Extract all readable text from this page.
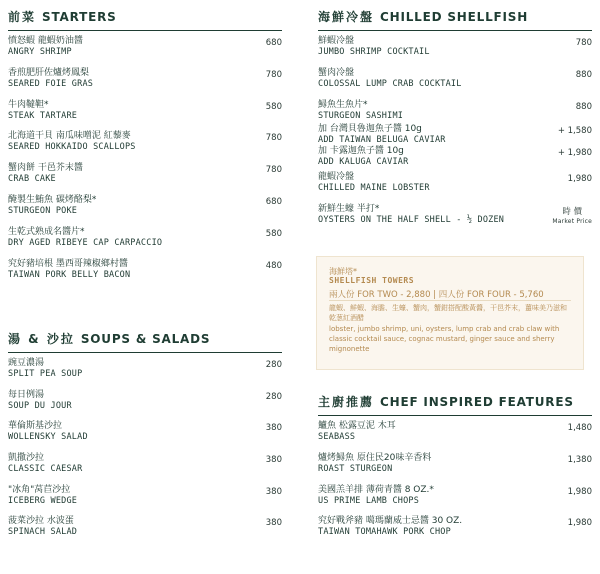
前菜 STARTERS
憤怒蝦 龍蝦奶油醬
ANGRY SHRIMP
680
香煎肥肝佐爐烤鳳梨
SEARED FOIE GRAS
780
牛肉韃靼*
STEAK TARTARE
580
北海道干貝 南瓜味噌泥 紅藜麥
SEARED HOKKAIDO SCALLOPS
780
蟹肉餅 干邑芥末醬
CRAB CAKE
780
醃製生鮪魚 碳烤酪梨*
STURGEON POKE
680
生乾式熟成名醬片*
DRY AGED RIBEYE CAP CARPACCIO
580
究好豬培根 墨西哥辣椒鄉村醬
TAIWAN PORK BELLY BACON
480
湯 & 沙拉 SOUPS & SALADS
豌豆濃湯
SPLIT PEA SOUP
280
每日例湯
SOUP DU JOUR
280
華倫斯基沙拉
WOLLENSKY SALAD
380
凱撒沙拉
CLASSIC CAESAR
380
"冰角"莴苣沙拉
ICEBERG WEDGE
380
菠菜沙拉 水波蛋
SPINACH SALAD
380
海鮮冷盤 CHILLED SHELLFISH
鮮蝦冷盤
JUMBO SHRIMP COCKTAIL
780
蟹肉冷盤
COLOSSAL LUMP CRAB COCKTAIL
880
鱘魚生魚片*
STURGEON SASHIMI
880
加 台灣貝魯迦魚子醬 10g
ADD TAIWAN BELUGA CAVIAR
+ 1,580
加 卡露迦魚子醬 10g
ADD KALUGA CAVIAR
+ 1,980
龍蝦冷盤
CHILLED MAINE LOBSTER
1,980
新鮮生蠔 半打*
OYSTERS ON THE HALF SHELL - ½ DOZEN
時 價
Market Price
海鮮塔*
SHELLFISH TOWERS
兩人份 FOR TWO - 2,880 | 四人份 FOR FOUR - 5,760
龍蝦、鮮蝦、海膽、生蠔、蟹肉，蟹鉗搭配酸黃醬，干邑芥末，薑味美乃滋和乾葱紅酒醋
lobster, jumbo shrimp, uni, oysters, lump crab and crab claw with classic cocktail sauce, cognac mustard, ginger sauce and sherry mignonette
主廚推薦 CHEF INSPIRED FEATURES
鱸魚 松露豆泥 木耳
SEABASS
1,480
爐烤鱘魚 原住民20味辛香料
ROAST STURGEON
1,380
美國羔羊排 薄荷青醬 8 OZ.*
US PRIME LAMB CHOPS
1,980
究好戰斧豬 噶瑪蘭威士忌醬 30 OZ.
TAIWAN TOMAHAWK PORK CHOP
1,980
